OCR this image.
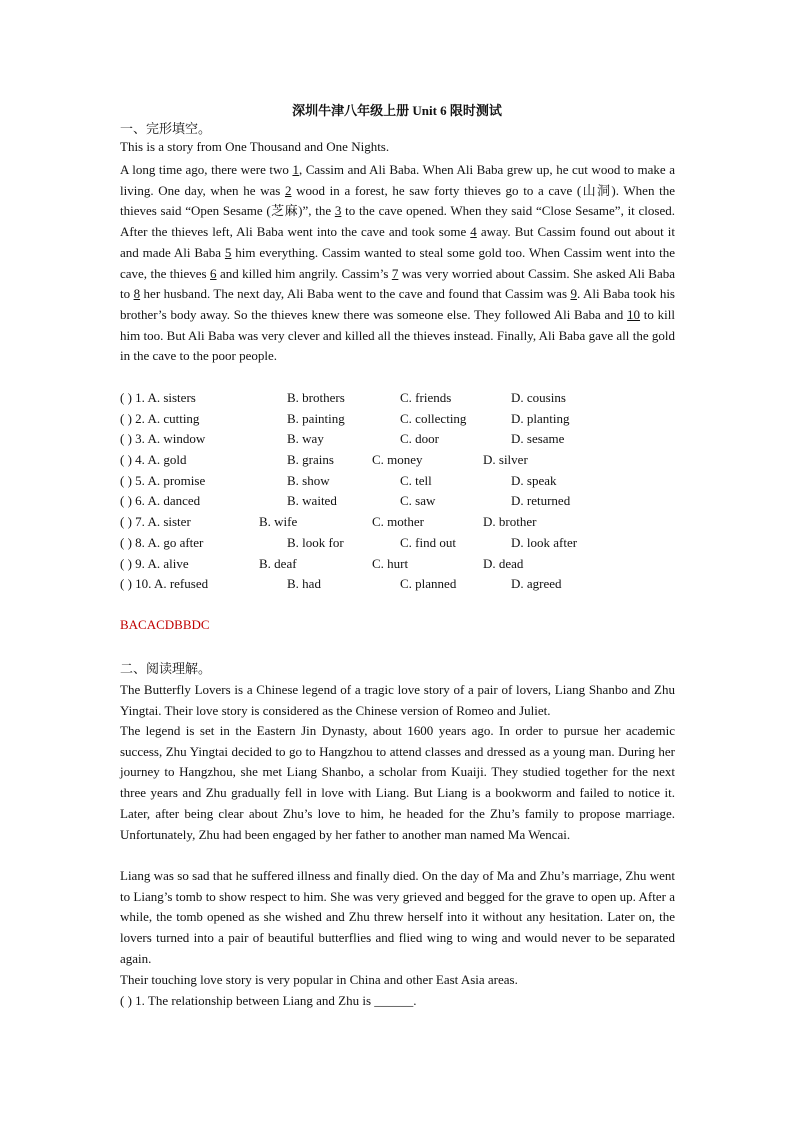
深圳牛津八年级上册 Unit 6 限时测试
一、完形填空。
This is a story from One Thousand and One Nights.
A long time ago, there were two 1, Cassim and Ali Baba. When Ali Baba grew up, he cut wood to make a living. One day, when he was 2 wood in a forest, he saw forty thieves go to a cave (山洞). When the thieves said “Open Sesame (芝麻)”, the 3 to the cave opened. When they said “Close Sesame”, it closed. After the thieves left, Ali Baba went into the cave and took some 4 away. But Cassim found out about it and made Ali Baba 5 him everything. Cassim wanted to steal some gold too. When Cassim went into the cave, the thieves 6 and killed him angrily. Cassim’s 7 was very worried about Cassim. She asked Ali Baba to 8 her husband. The next day, Ali Baba went to the cave and found that Cassim was 9. Ali Baba took his brother’s body away. So the thieves knew there was someone else. They followed Ali Baba and 10 to kill him too. But Ali Baba was very clever and killed all the thieves instead. Finally, Ali Baba gave all the gold in the cave to the poor people.
( ) 1. A. sisters	B. brothers	C. friends	D. cousins
( ) 2. A. cutting	B. painting	C. collecting	D. planting
( ) 3. A. window	B. way	C. door	D. sesame
( ) 4. A. gold	B. grains	C. money	D. silver
( ) 5. A. promise	B. show	C. tell	D. speak
( ) 6. A. danced	B. waited	C. saw	D. returned
( ) 7. A. sister	B. wife	C. mother	D. brother
( ) 8. A. go after	B. look for	C. find out	D. look after
( ) 9. A. alive	B. deaf	C. hurt	D. dead
( ) 10. A. refused	B. had	C. planned	D. agreed
BACACDBBDC
二、阅读理解。
The Butterfly Lovers is a Chinese legend of a tragic love story of a pair of lovers, Liang Shanbo and Zhu Yingtai. Their love story is considered as the Chinese version of Romeo and Juliet.
The legend is set in the Eastern Jin Dynasty, about 1600 years ago. In order to pursue her academic success, Zhu Yingtai decided to go to Hangzhou to attend classes and dressed as a young man. During her journey to Hangzhou, she met Liang Shanbo, a scholar from Kuaiji. They studied together for the next three years and Zhu gradually fell in love with Liang. But Liang is a bookworm and failed to notice it. Later, after being clear about Zhu’s love to him, he headed for the Zhu’s family to propose marriage. Unfortunately, Zhu had been engaged by her father to another man named Ma Wencai.
Liang was so sad that he suffered illness and finally died. On the day of Ma and Zhu’s marriage, Zhu went to Liang’s tomb to show respect to him. She was very grieved and begged for the grave to open up. After a while, the tomb opened as she wished and Zhu threw herself into it without any hesitation. Later on, the lovers turned into a pair of beautiful butterflies and flied wing to wing and would never to be separated again.
Their touching love story is very popular in China and other East Asia areas.
( ) 1. The relationship between Liang and Zhu is ______.
